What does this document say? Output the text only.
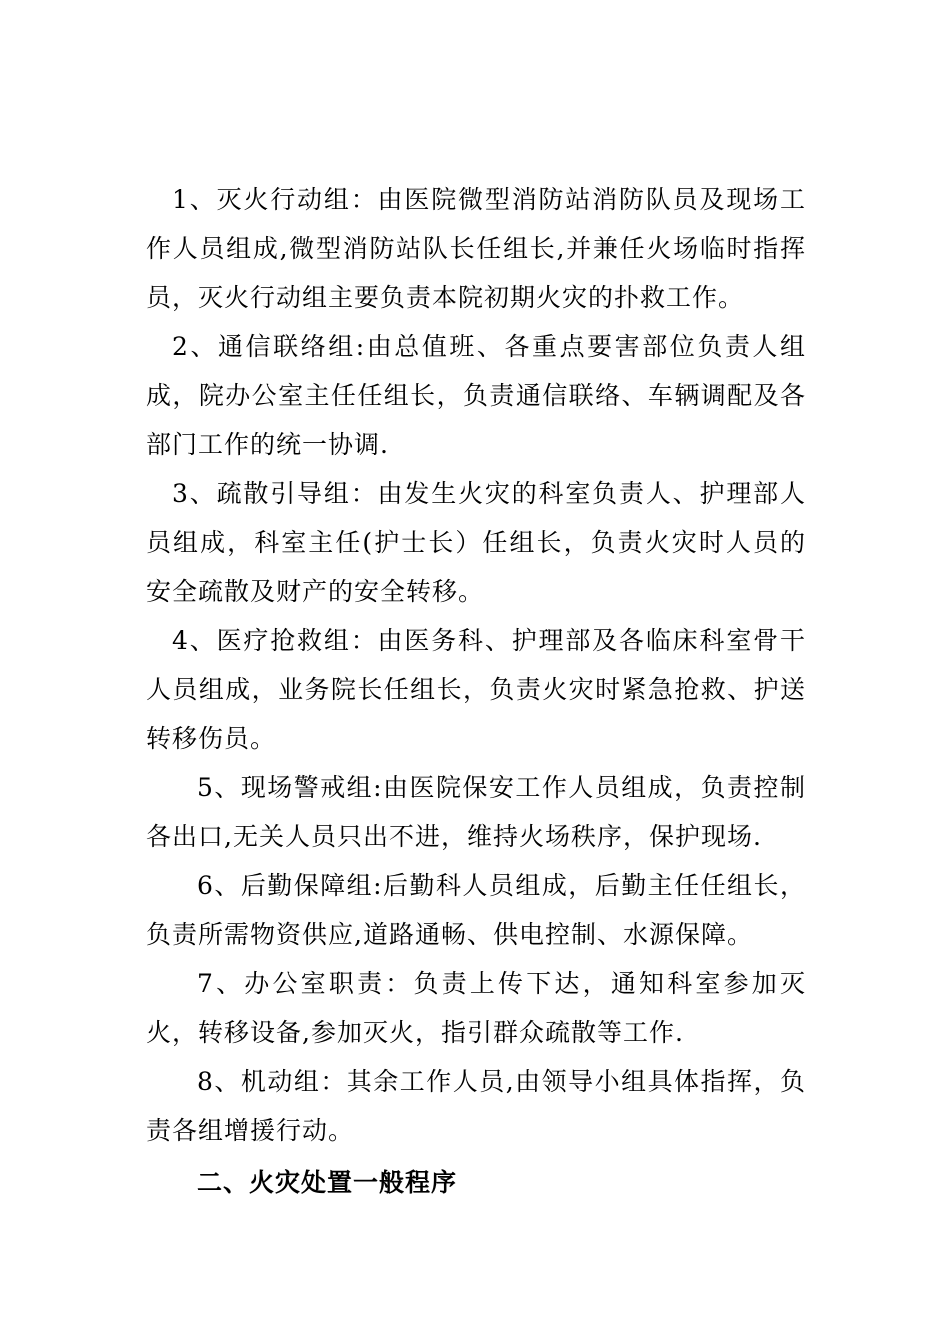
1、灭火行动组：由医院微型消防站消防队员及现场工作人员组成,微型消防站队长任组长,并兼任火场临时指挥员，灭火行动组主要负责本院初期火灾的扑救工作。

2、通信联络组:由总值班、各重点要害部位负责人组成，院办公室主任任组长，负责通信联络、车辆调配及各部门工作的统一协调.

3、疏散引导组：由发生火灾的科室负责人、护理部人员组成，科室主任(护士长）任组长，负责火灾时人员的安全疏散及财产的安全转移。

4、医疗抢救组：由医务科、护理部及各临床科室骨干人员组成，业务院长任组长，负责火灾时紧急抢救、护送转移伤员。

5、现场警戒组:由医院保安工作人员组成，负责控制各出口,无关人员只出不进，维持火场秩序，保护现场.

6、后勤保障组:后勤科人员组成，后勤主任任组长，负责所需物资供应,道路通畅、供电控制、水源保障。

7、办公室职责：负责上传下达，通知科室参加灭火，转移设备,参加灭火，指引群众疏散等工作.

8、机动组：其余工作人员,由领导小组具体指挥，负责各组增援行动。

二、火灾处置一般程序
